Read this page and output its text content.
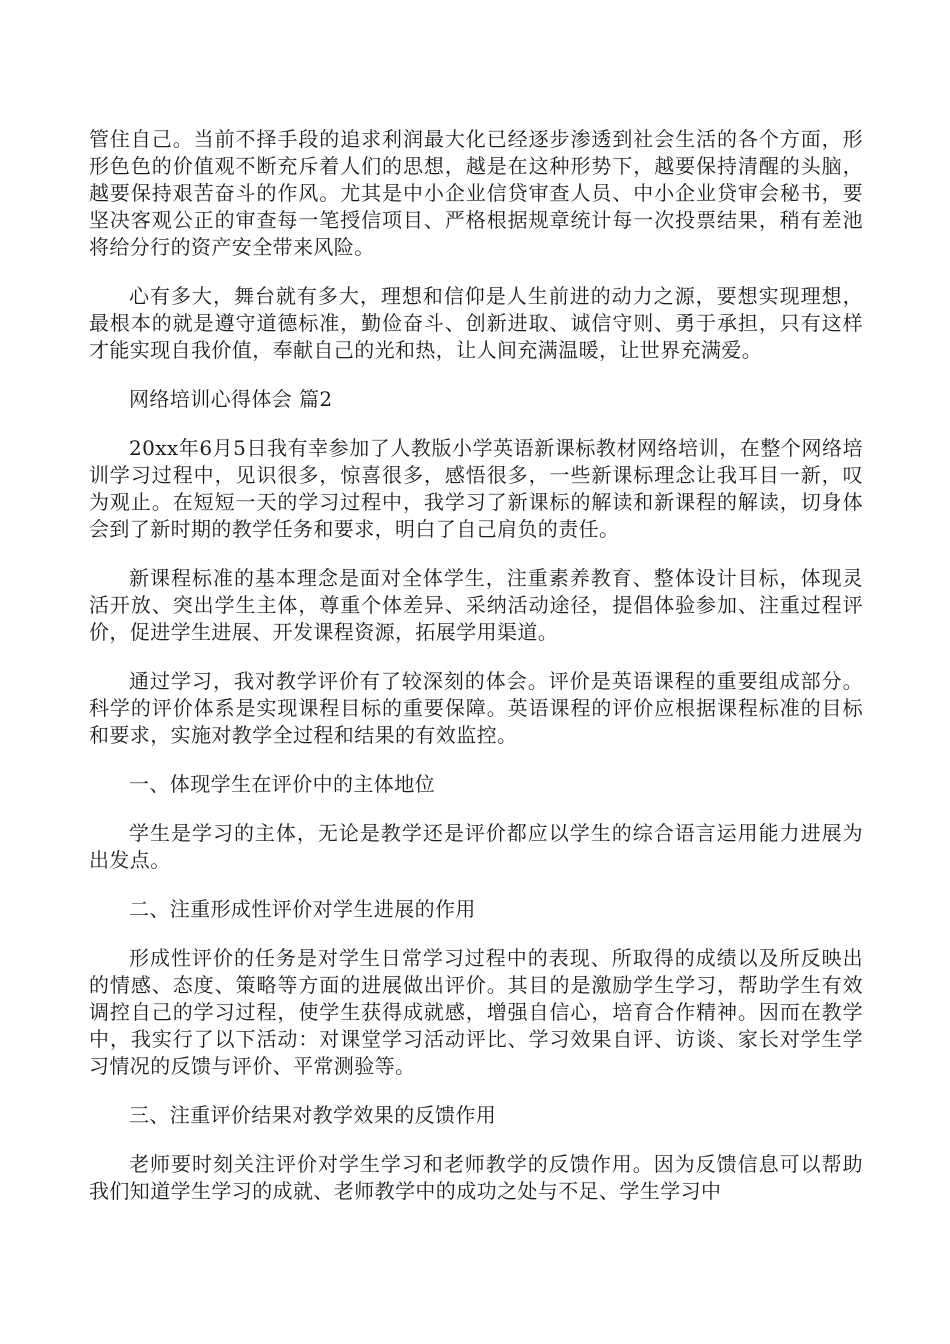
管住自己。当前不择手段的追求利润最大化已经逐步渗透到社会生活的各个方面，形形色色的价值观不断充斥着人们的思想，越是在这种形势下，越要保持清醒的头脑，越要保持艰苦奋斗的作风。尤其是中小企业信贷审查人员、中小企业贷审会秘书，要坚决客观公正的审查每一笔授信项目、严格根据规章统计每一次投票结果，稍有差池将给分行的资产安全带来风险。

心有多大，舞台就有多大，理想和信仰是人生前进的动力之源，要想实现理想，最根本的就是遵守道德标准，勤俭奋斗、创新进取、诚信守则、勇于承担，只有这样才能实现自我价值，奉献自己的光和热，让人间充满温暖，让世界充满爱。

网络培训心得体会 篇2

20xx年6月5日我有幸参加了人教版小学英语新课标教材网络培训，在整个网络培训学习过程中，见识很多，惊喜很多，感悟很多，一些新课标理念让我耳目一新，叹为观止。在短短一天的学习过程中，我学习了新课标的解读和新课程的解读，切身体会到了新时期的教学任务和要求，明白了自己肩负的责任。

新课程标准的基本理念是面对全体学生，注重素养教育、整体设计目标，体现灵活开放、突出学生主体，尊重个体差异、采纳活动途径，提倡体验参加、注重过程评价，促进学生进展、开发课程资源，拓展学用渠道。

通过学习，我对教学评价有了较深刻的体会。评价是英语课程的重要组成部分。科学的评价体系是实现课程目标的重要保障。英语课程的评价应根据课程标准的目标和要求，实施对教学全过程和结果的有效监控。

一、体现学生在评价中的主体地位

学生是学习的主体，无论是教学还是评价都应以学生的综合语言运用能力进展为出发点。

二、注重形成性评价对学生进展的作用

形成性评价的任务是对学生日常学习过程中的表现、所取得的成绩以及所反映出的情感、态度、策略等方面的进展做出评价。其目的是激励学生学习，帮助学生有效调控自己的学习过程，使学生获得成就感，增强自信心，培育合作精神。因而在教学中，我实行了以下活动：对课堂学习活动评比、学习效果自评、访谈、家长对学生学习情况的反馈与评价、平常测验等。

三、注重评价结果对教学效果的反馈作用

老师要时刻关注评价对学生学习和老师教学的反馈作用。因为反馈信息可以帮助我们知道学生学习的成就、老师教学中的成功之处与不足、学生学习中
